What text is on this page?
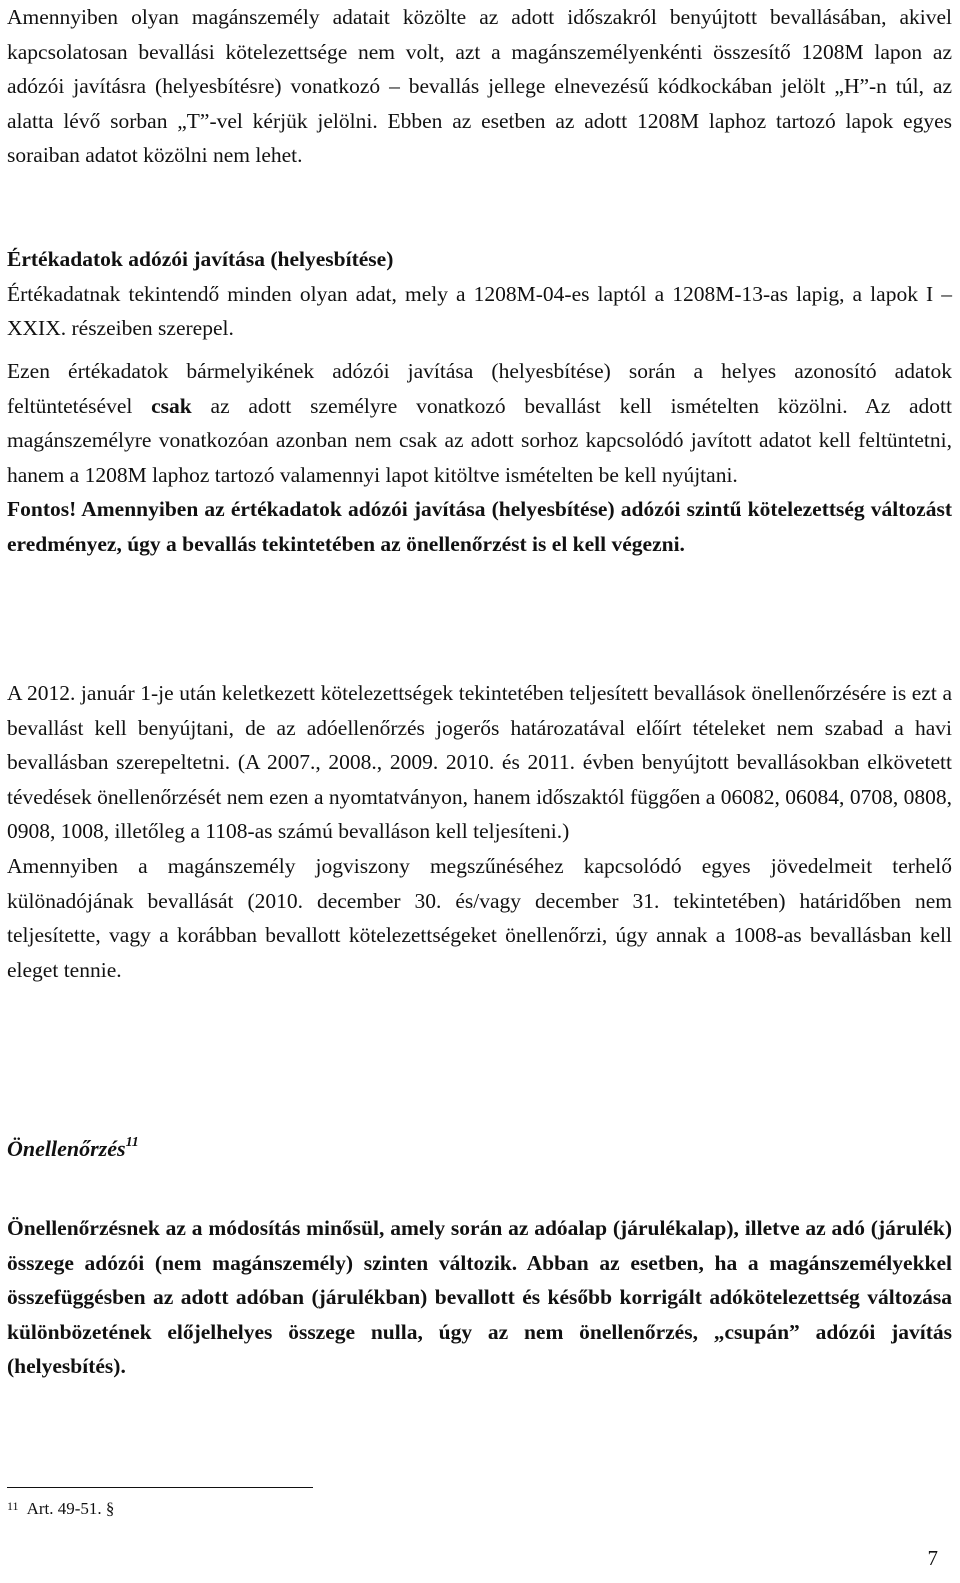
Amennyiben olyan magánszemély adatait közölte az adott időszakról benyújtott bevallásában, akivel kapcsolatosan bevallási kötelezettsége nem volt, azt a magánszemélyenkénti összesítő 1208M lapon az adózói javításra (helyesbítésre) vonatkozó – bevallás jellege elnevezésű kódkockában jelölt „H”-n túl, az alatta lévő sorban „T”-vel kérjük jelölni. Ebben az esetben az adott 1208M laphoz tartozó lapok egyes soraiban adatot közölni nem lehet.

Értékadatok adózói javítása (helyesbítése)
Értékadatnak tekintendő minden olyan adat, mely a 1208M-04-es laptól a 1208M-13-as lapig, a lapok I – XXIX. részeiben szerepel.

Ezen értékadatok bármelyikének adózói javítása (helyesbítése) során a helyes azonosító adatok feltüntetésével csak az adott személyre vonatkozó bevallást kell ismételten közölni. Az adott magánszemélyre vonatkozóan azonban nem csak az adott sorhoz kapcsolódó javított adatot kell feltüntetni, hanem a 1208M laphoz tartozó valamennyi lapot kitöltve ismételten be kell nyújtani.
Fontos! Amennyiben az értékadatok adózói javítása (helyesbítése) adózói szintű kötelezettség változást eredményez, úgy a bevallás tekintetében az önellenőrzést is el kell végezni.

A 2012. január 1-je után keletkezett kötelezettségek tekintetében teljesített bevallások önellenőrzésére is ezt a bevallást kell benyújtani, de az adóellenőrzés jogerős határozatával előírt tételeket nem szabad a havi bevallásban szerepeltetni. (A 2007., 2008., 2009. 2010. és 2011. évben benyújtott bevallásokban elkövetett tévedések önellenőrzését nem ezen a nyomtatványon, hanem időszaktól függően a 06082, 06084, 0708, 0808, 0908, 1008, illetőleg a 1108-as számú bevalláson kell teljesíteni.)
Amennyiben a magánszemély jogviszony megszűnéséhez kapcsolódó egyes jövedelmeit terhelő különadójának bevallását (2010. december 30. és/vagy december 31. tekintetében) határidőben nem teljesítette, vagy a korábban bevallott kötelezettségeket önellenőrzi, úgy annak a 1008-as bevallásban kell eleget tennie.

Önellenőrzés$^{11}$

Önellenőrzésnek az a módosítás minősül, amely során az adóalap (járulékalap), illetve az adó (járulék) összege adózói (nem magánszemély) szinten változik. Abban az esetben, ha a magánszemélyekkel összefüggésben az adott adóban (járulékban) bevallott és később korrigált adókötelezettség változása különbözetének előjelhelyes összege nulla, úgy az nem önellenőrzés, „csupán” adózói javítás (helyesbítés).

$^{11}$ Art. 49-51. §
7
